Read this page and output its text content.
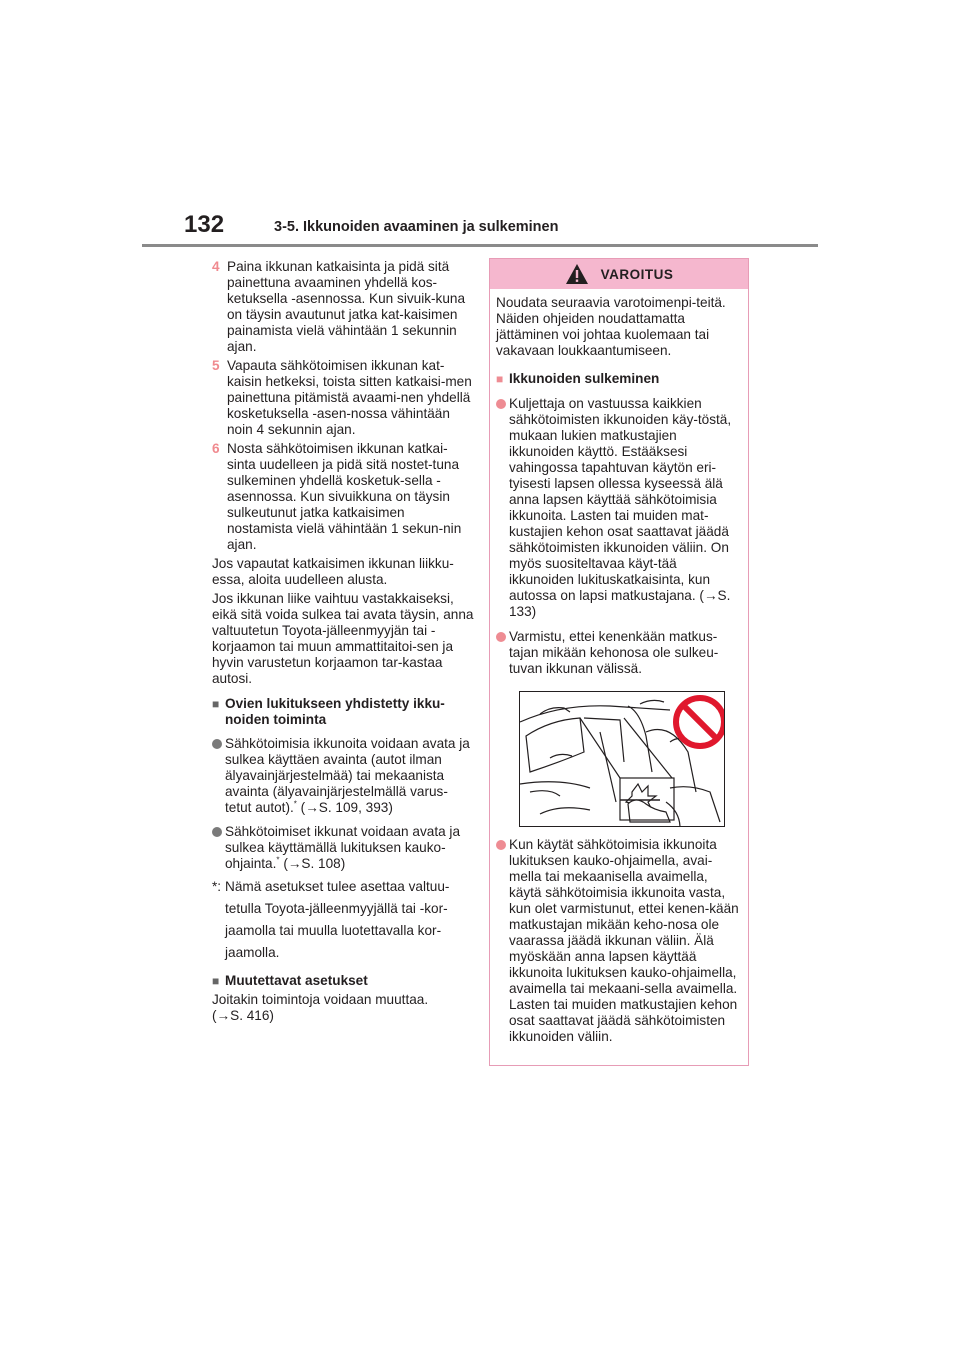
132	3-5. Ikkunoiden avaaminen ja sulkeminen
4 Paina ikkunan katkaisinta ja pidä sitä painettuna avaaminen yhdellä kos-ketuksella -asennossa. Kun sivuik-kuna on täysin avautunut jatka kat-kaisimen painamista vielä vähintään 1 sekunnin ajan.
5 Vapauta sähkötoimisen ikkunan kat-kaisin hetkeksi, toista sitten katkaisi-men painettuna pitämistä avaami-nen yhdellä kosketuksella -asen-nossa vähintään noin 4 sekunnin ajan.
6 Nosta sähkötoimisen ikkunan katkai-sinta uudelleen ja pidä sitä nostet-tuna sulkeminen yhdellä kosketuk-sella -asennossa. Kun sivuikkuna on täysin sulkeutunut jatka katkaisimen nostamista vielä vähintään 1 sekun-nin ajan.

Jos vapautat katkaisimen ikkunan liikku-essa, aloita uudelleen alusta.

Jos ikkunan liike vaihtuu vastakkaiseksi, eikä sitä voida sulkea tai avata täysin, anna valtuutetun Toyota-jälleenmyyjän tai -korjaamon tai muun ammattitaitoi-sen ja hyvin varustetun korjaamon tar-kastaa autosi.

■ Ovien lukitukseen yhdistetty ikku-noiden toiminta
Sähkötoimisia ikkunoita voidaan avata ja sulkea käyttäen avainta (autot ilman älyavainjärjestelmää) tai mekaanista avainta (älyavainjärjestelmällä varus-tetut autot).* (→S. 109, 393)
Sähkötoimiset ikkunat voidaan avata ja sulkea käyttämällä lukituksen kauko-ohjainta.* (→S. 108)
*: Nämä asetukset tulee asettaa valtuu-tetulla Toyota-jälleenmyyjällä tai -kor-jaamolla tai muulla luotettavalla kor-jaamolla.
■ Muutettavat asetukset

Joitakin toimintoja voidaan muuttaa.
(→S. 416)

VAROITUS
Noudata seuraavia varotoimenpi-teitä. Näiden ohjeiden noudattamatta jättäminen voi johtaa kuolemaan tai vakavaan loukkaantumiseen.
■ Ikkunoiden sulkeminen
Kuljettaja on vastuussa kaikkien sähkötoimisten ikkunoiden käy-töstä, mukaan lukien matkustajien ikkunoiden käyttö. Estääksesi vahingossa tapahtuvan käytön eri-tyisesti lapsen ollessa kyseessä älä anna lapsen käyttää sähkötoimisia ikkunoita. Lasten tai muiden mat-kustajien kehon osat saattavat jäädä sähkötoimisten ikkunoiden väliin. On myös suositeltavaa käyt-tää ikkunoiden lukituskatkaisinta, kun autossa on lapsi matkustajana. (→S. 133)
Varmistu, ettei kenenkään matkus-tajan mikään kehonosa ole sulkeu-tuvan ikkunan välissä.
Kun käytät sähkötoimisia ikkunoita lukituksen kauko-ohjaimella, avai-mella tai mekaanisella avaimella, käytä sähkötoimisia ikkunoita vasta, kun olet varmistunut, ettei kenen-kään matkustajan mikään keho-nosa ole vaarassa jäädä ikkunan väliin. Älä myöskään anna lapsen käyttää ikkunoita lukituksen kauko-ohjaimella, avaimella tai mekaani-sella avaimella. Lasten tai muiden matkustajien kehon osat saattavat jäädä sähkötoimisten ikkunoiden väliin.
